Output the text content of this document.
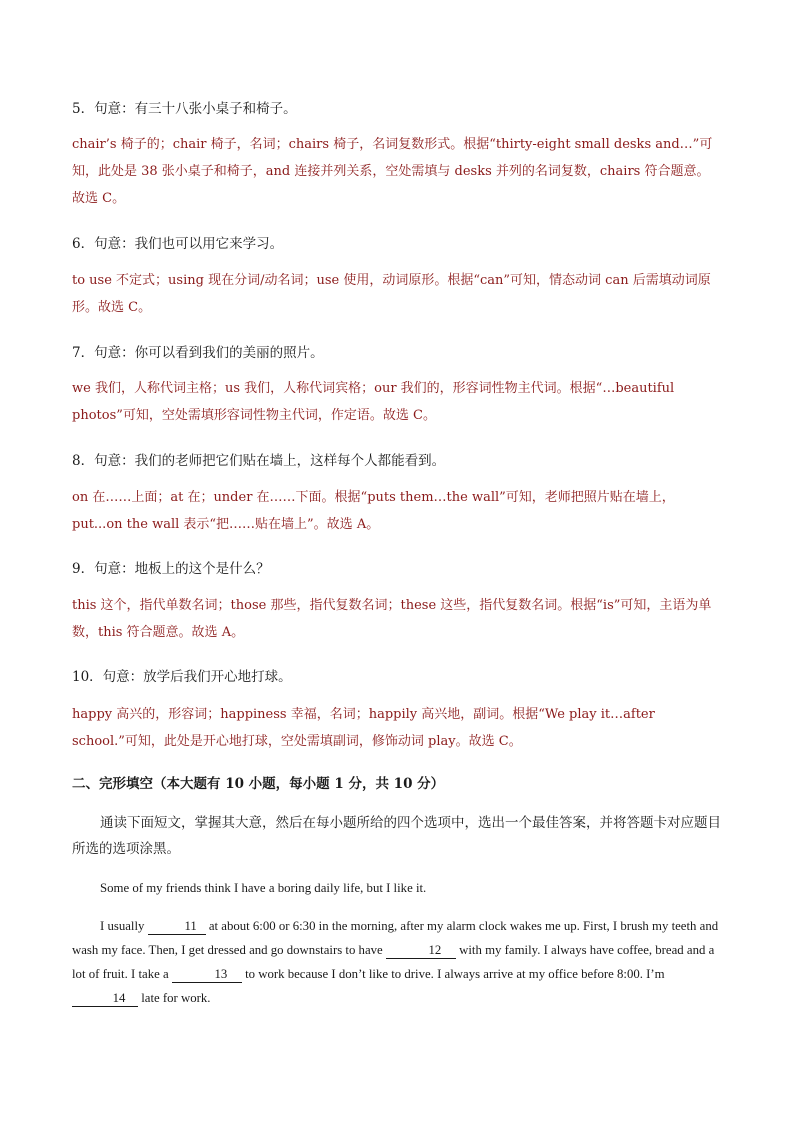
5．句意：有三十八张小桌子和椅子。
chair’s 椅子的；chair 椅子，名词；chairs 椅子，名词复数形式。根据“thirty-eight small desks and…”可知，此处是 38 张小桌子和椅子，and 连接并列关系，空处需填与 desks 并列的名词复数，chairs 符合题意。故选 C。
6．句意：我们也可以用它来学习。
to use 不定式；using 现在分词/动名词；use 使用，动词原形。根据“can”可知，情态动词 can 后需填动词原形。故选 C。
7．句意：你可以看到我们的美丽的照片。
we 我们，人称代词主格；us 我们，人称代词宾格；our 我们的，形容词性物主代词。根据“…beautiful photos”可知，空处需填形容词性物主代词，作定语。故选 C。
8．句意：我们的老师把它们贴在墙上，这样每个人都能看到。
on 在……上面；at 在；under 在……下面。根据“puts them…the wall”可知，老师把照片贴在墙上，put...on the wall 表示“把……贴在墙上”。故选 A。
9．句意：地板上的这个是什么？
this 这个，指代单数名词；those 那些，指代复数名词；these 这些，指代复数名词。根据“is”可知，主语为单数，this 符合题意。故选 A。
10．句意：放学后我们开心地打球。
happy 高兴的，形容词；happiness 幸福，名词；happily 高兴地，副词。根据“We play it…after school.”可知，此处是开心地打球，空处需填副词，修饰动词 play。故选 C。
二、完形填空（本大题有 10 小题，每小题 1 分，共 10 分）
通读下面短文，掌握其大意，然后在每小题所给的四个选项中，选出一个最佳答案，并将答题卡对应题目所选的选项涂黑。
Some of my friends think I have a boring daily life, but I like it.
I usually	11 at about 6:00 or 6:30 in the morning, after my alarm clock wakes me up. First, I brush my teeth and wash my face. Then, I get dressed and go downstairs to have	12 with my family. I always have coffee, bread and a lot of fruit. I take a	13 to work because I don’t like to drive. I always arrive at my office before 8:00. I’m 14 late for work.
